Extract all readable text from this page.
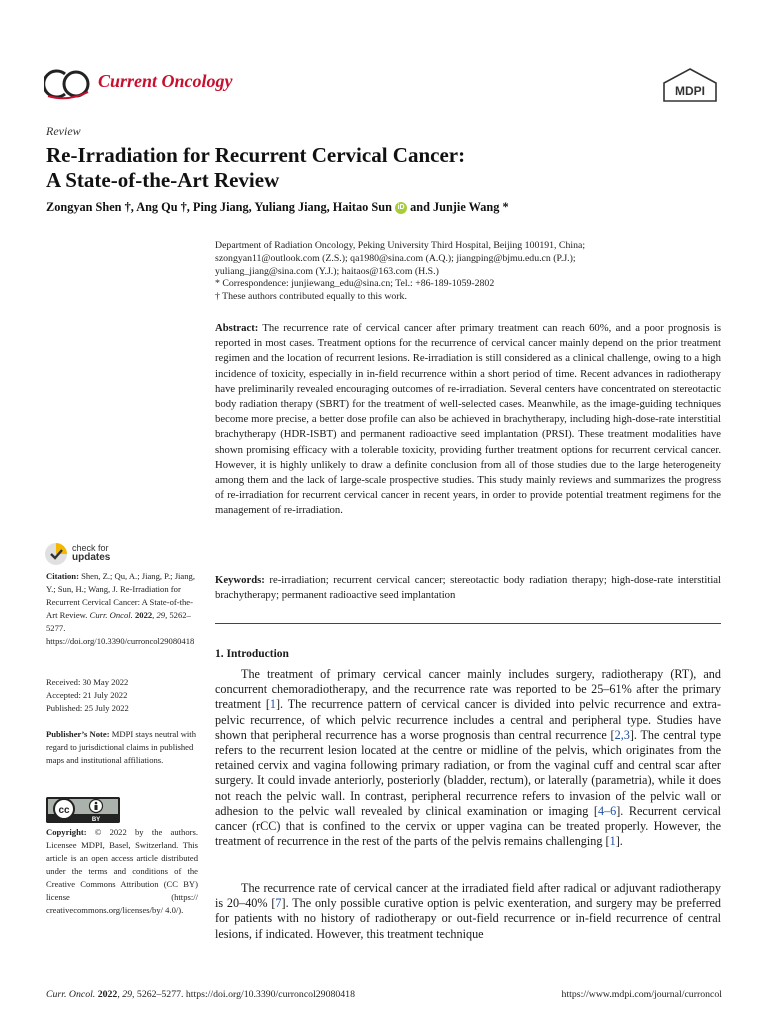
Current Oncology	MDPI
Review
Re-Irradiation for Recurrent Cervical Cancer:
A State-of-the-Art Review
Zongyan Shen †, Ang Qu †, Ping Jiang, Yuliang Jiang, Haitao Sun iD and Junjie Wang *
Department of Radiation Oncology, Peking University Third Hospital, Beijing 100191, China;
szongyan11@outlook.com (Z.S.); qa1980@sina.com (A.Q.); jiangping@bjmu.edu.cn (P.J.);
yuliang_jiang@sina.com (Y.J.); haitaos@163.com (H.S.)
* Correspondence: junjiewang_edu@sina.cn; Tel.: +86-189-1059-2802
† These authors contributed equally to this work.
Abstract: The recurrence rate of cervical cancer after primary treatment can reach 60%, and a poor prognosis is reported in most cases. Treatment options for the recurrence of cervical cancer mainly depend on the prior treatment regimen and the location of recurrent lesions. Re-irradiation is still considered as a clinical challenge, owing to a high incidence of toxicity, especially in in-field recurrence within a short period of time. Recent advances in radiotherapy have preliminarily revealed encouraging outcomes of re-irradiation. Several centers have concentrated on stereotactic body radiation therapy (SBRT) for the treatment of well-selected cases. Meanwhile, as the image-guiding techniques become more precise, a better dose profile can also be achieved in brachytherapy, including high-dose-rate interstitial brachytherapy (HDR-ISBT) and permanent radioactive seed implantation (PRSI). These treatment modalities have shown promising efficacy with a tolerable toxicity, providing further treatment options for recurrent cervical cancer. However, it is highly unlikely to draw a definite conclusion from all of those studies due to the large heterogeneity among them and the lack of large-scale prospective studies. This study mainly reviews and summarizes the progress of re-irradiation for recurrent cervical cancer in recent years, in order to provide potential treatment regimens for the management of re-irradiation.
Keywords: re-irradiation; recurrent cervical cancer; stereotactic body radiation therapy; high-dose-rate interstitial brachytherapy; permanent radioactive seed implantation
1. Introduction
The treatment of primary cervical cancer mainly includes surgery, radiotherapy (RT), and concurrent chemoradiotherapy, and the recurrence rate was reported to be 25–61% after the primary treatment [1]. The recurrence pattern of cervical cancer is divided into pelvic recurrence and extra-pelvic recurrence, of which pelvic recurrence includes a central and peripheral type. Studies have shown that peripheral recurrence has a worse prognosis than central recurrence [2,3]. The central type refers to the recurrent lesion located at the centre or midline of the pelvis, which originates from the retained cervix and vagina following primary radiation, or from the vaginal cuff and central scar after surgery. It could invade anteriorly, posteriorly (bladder, rectum), or laterally (parametria), while it does not reach the pelvic wall. In contrast, peripheral recurrence refers to invasion of the pelvic wall or adhesion to the pelvic wall revealed by clinical examination or imaging [4–6]. Recurrent cervical cancer (rCC) that is confined to the cervix or upper vagina can be treated properly. However, the treatment of recurrence in the rest of the parts of the pelvis remains challenging [1].
The recurrence rate of cervical cancer at the irradiated field after radical or adjuvant radiotherapy is 20–40% [7]. The only possible curative option is pelvic exenteration, and surgery may be preferred for patients with no history of radiotherapy or out-field recurrence or in-field recurrence of central lesions, if indicated. However, this treatment technique
check for
updates
Citation: Shen, Z.; Qu, A.; Jiang, P.; Jiang, Y.; Sun, H.; Wang, J. Re-Irradiation for Recurrent Cervical Cancer: A State-of-the-Art Review. Curr. Oncol. 2022, 29, 5262–5277. https://doi.org/10.3390/curroncol29080418
Received: 30 May 2022
Accepted: 21 July 2022
Published: 25 July 2022
Publisher’s Note: MDPI stays neutral with regard to jurisdictional claims in published maps and institutional affiliations.
cc
BY
Copyright: © 2022 by the authors. Licensee MDPI, Basel, Switzerland. This article is an open access article distributed under the terms and conditions of the Creative Commons Attribution (CC BY) license (https:// creativecommons.org/licenses/by/ 4.0/).
Curr. Oncol. 2022, 29, 5262–5277. https://doi.org/10.3390/curroncol29080418	https://www.mdpi.com/journal/curroncol
